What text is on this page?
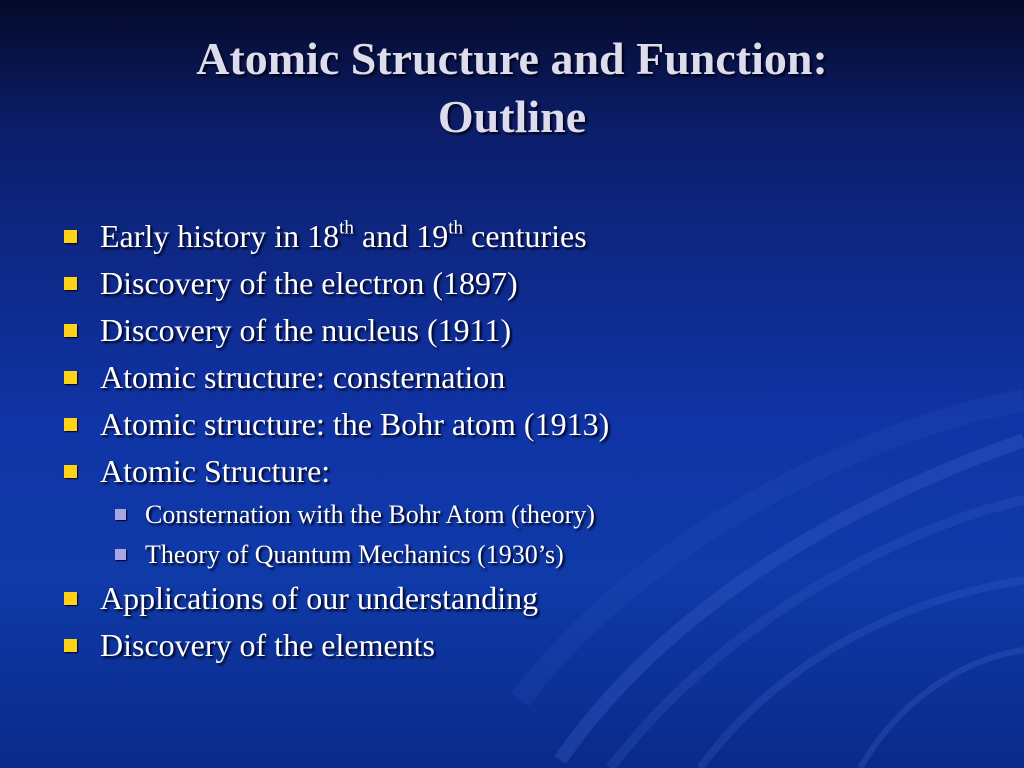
Atomic Structure and Function:
Outline
Early history in 18th and 19th centuries
Discovery of the electron (1897)
Discovery of the nucleus (1911)
Atomic structure: consternation
Atomic structure: the Bohr atom (1913)
Atomic Structure:
Consternation with the Bohr Atom (theory)
Theory of Quantum Mechanics (1930’s)
Applications of our understanding
Discovery of the elements
